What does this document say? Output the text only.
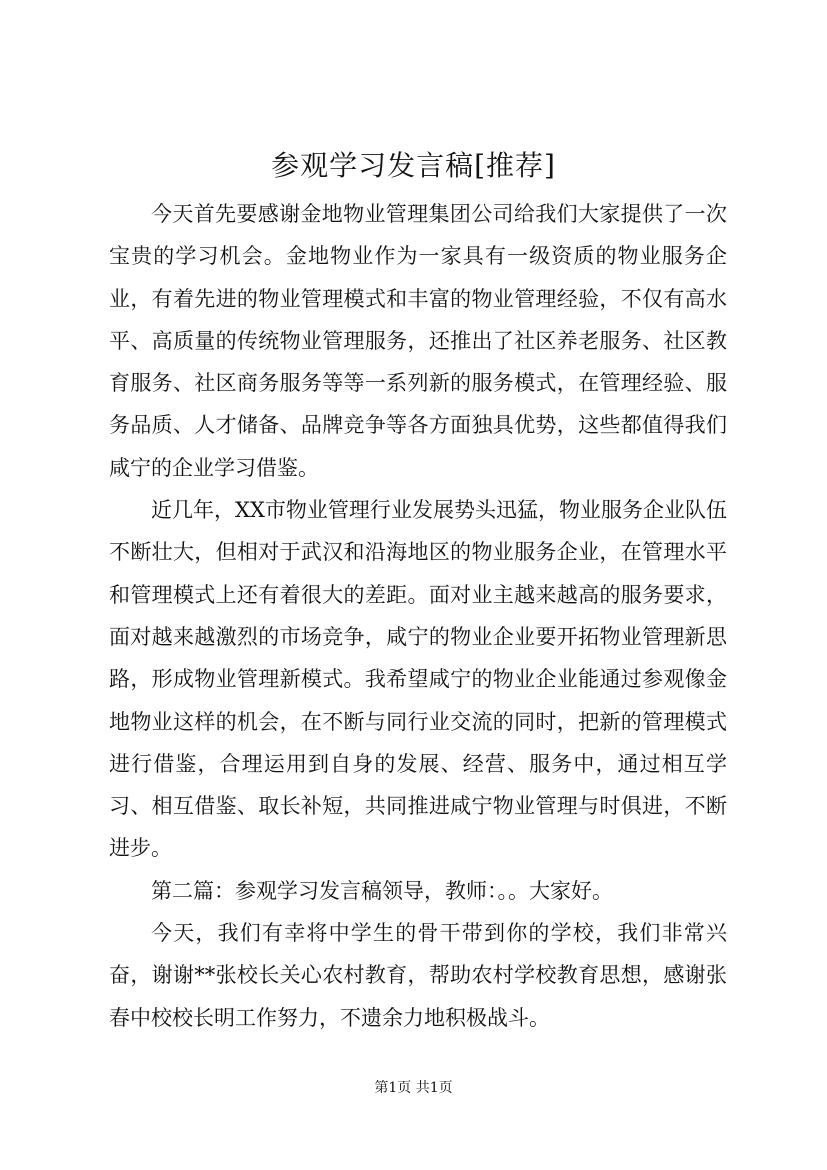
参观学习发言稿[推荐]

今天首先要感谢金地物业管理集团公司给我们大家提供了一次宝贵的学习机会。金地物业作为一家具有一级资质的物业服务企业，有着先进的物业管理模式和丰富的物业管理经验，不仅有高水平、高质量的传统物业管理服务，还推出了社区养老服务、社区教育服务、社区商务服务等等一系列新的服务模式，在管理经验、服务品质、人才储备、品牌竞争等各方面独具优势，这些都值得我们咸宁的企业学习借鉴。

近几年，XX市物业管理行业发展势头迅猛，物业服务企业队伍不断壮大，但相对于武汉和沿海地区的物业服务企业，在管理水平和管理模式上还有着很大的差距。面对业主越来越高的服务要求，面对越来越激烈的市场竞争，咸宁的物业企业要开拓物业管理新思路，形成物业管理新模式。我希望咸宁的物业企业能通过参观像金地物业这样的机会，在不断与同行业交流的同时，把新的管理模式进行借鉴，合理运用到自身的发展、经营、服务中，通过相互学习、相互借鉴、取长补短，共同推进咸宁物业管理与时俱进，不断进步。

第二篇：参观学习发言稿领导，教师：。。大家好。

今天，我们有幸将中学生的骨干带到你的学校，我们非常兴奋，谢谢**张校长关心农村教育，帮助农村学校教育思想，感谢张春中校校长明工作努力，不遗余力地积极战斗。

第1页 共1页
